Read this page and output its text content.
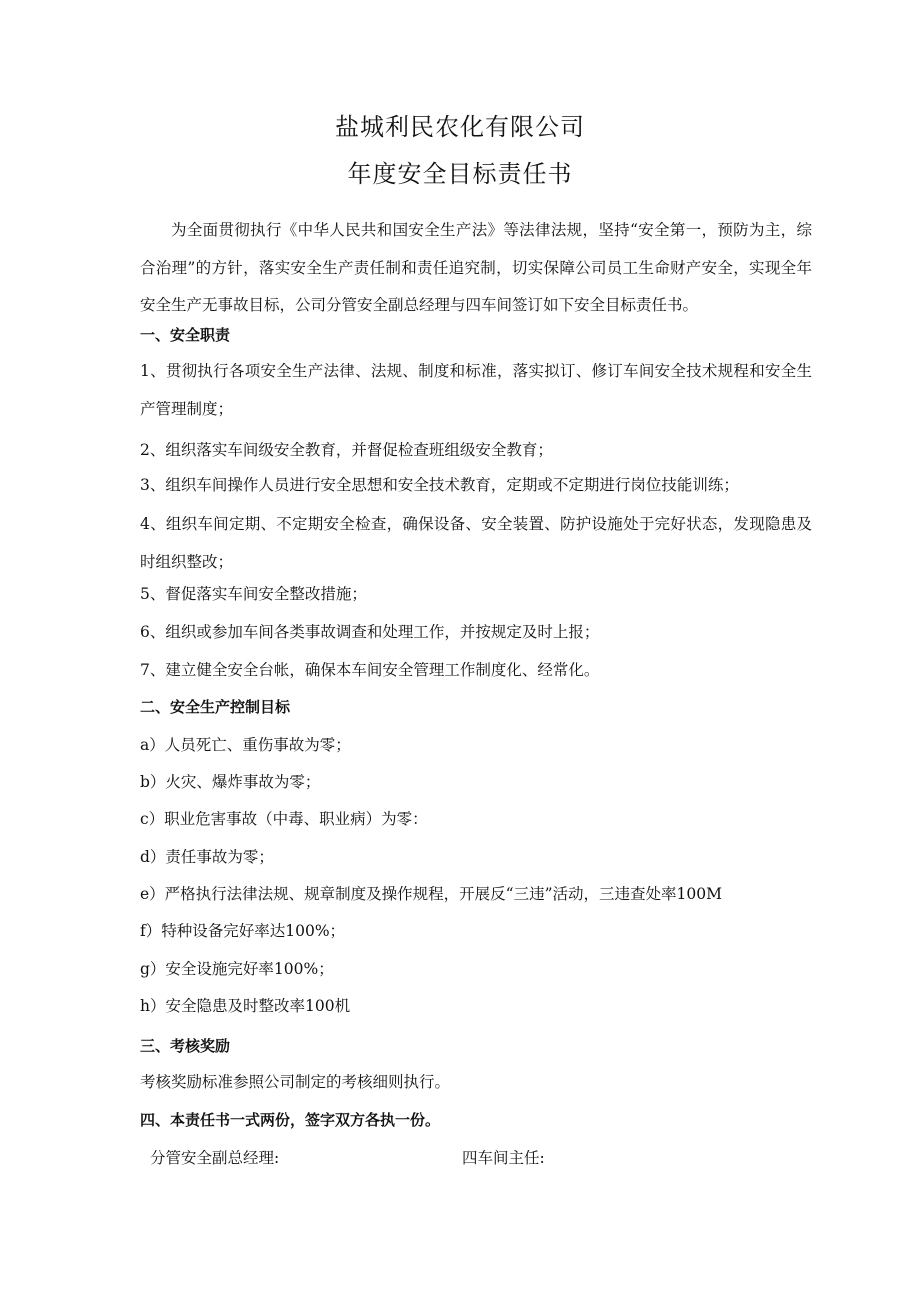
盐城利民农化有限公司
年度安全目标责任书
为全面贯彻执行《中华人民共和国安全生产法》等法律法规，坚持“安全第一，预防为主，综合治理”的方针，落实安全生产责任制和责任追究制，切实保障公司员工生命财产安全，实现全年安全生产无事故目标，公司分管安全副总经理与四车间签订如下安全目标责任书。
一、安全职责
1、贯彻执行各项安全生产法律、法规、制度和标准，落实拟订、修订车间安全技术规程和安全生产管理制度；
2、组织落实车间级安全教育，并督促检查班组级安全教育；
3、组织车间操作人员进行安全思想和安全技术教育，定期或不定期进行岗位技能训练；
4、组织车间定期、不定期安全检查，确保设备、安全装置、防护设施处于完好状态，发现隐患及时组织整改；
5、督促落实车间安全整改措施；
6、组织或参加车间各类事故调查和处理工作，并按规定及时上报；
7、建立健全安全台帐，确保本车间安全管理工作制度化、经常化。
二、安全生产控制目标
a）人员死亡、重伤事故为零；
b）火灾、爆炸事故为零；
c）职业危害事故（中毒、职业病）为零：
d）责任事故为零；
e）严格执行法律法规、规章制度及操作规程，开展反“三违”活动，三违查处率100M
f）特种设备完好率达100%；
g）安全设施完好率100%；
h）安全隐患及时整改率100机
三、考核奖励
考核奖励标准参照公司制定的考核细则执行。
四、本责任书一式两份，签字双方各执一份。
分管安全副总经理:	四车间主任:
